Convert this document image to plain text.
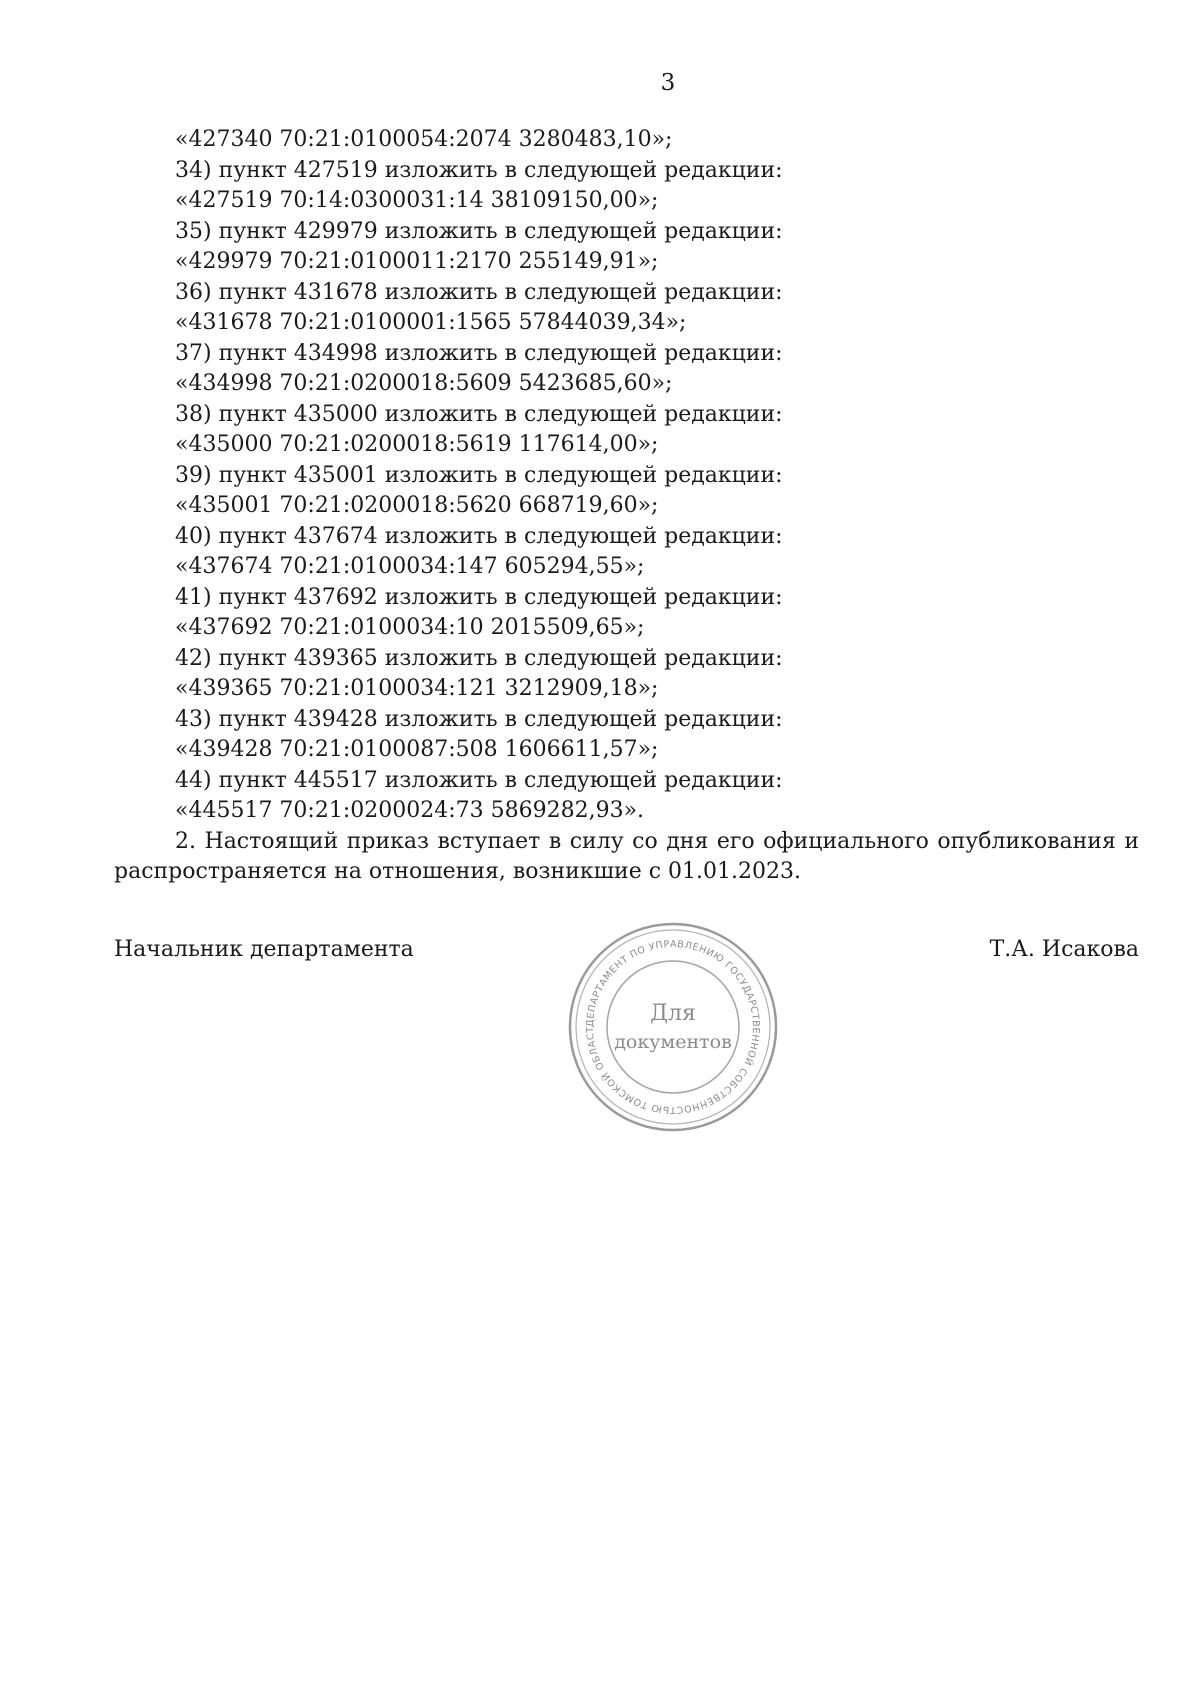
3
«427340 70:21:0100054:2074 3280483,10»;
34) пункт 427519 изложить в следующей редакции:
«427519 70:14:0300031:14 38109150,00»;
35) пункт 429979 изложить в следующей редакции:
«429979 70:21:0100011:2170 255149,91»;
36) пункт 431678 изложить в следующей редакции:
«431678 70:21:0100001:1565 57844039,34»;
37) пункт 434998 изложить в следующей редакции:
«434998 70:21:0200018:5609 5423685,60»;
38) пункт 435000 изложить в следующей редакции:
«435000 70:21:0200018:5619 117614,00»;
39) пункт 435001 изложить в следующей редакции:
«435001 70:21:0200018:5620 668719,60»;
40) пункт 437674 изложить в следующей редакции:
«437674 70:21:0100034:147 605294,55»;
41) пункт 437692 изложить в следующей редакции:
«437692 70:21:0100034:10 2015509,65»;
42) пункт 439365 изложить в следующей редакции:
«439365 70:21:0100034:121 3212909,18»;
43) пункт 439428 изложить в следующей редакции:
«439428 70:21:0100087:508 1606611,57»;
44) пункт 445517 изложить в следующей редакции:
«445517 70:21:0200024:73 5869282,93».
2. Настоящий приказ вступает в силу со дня его официального опубликования и
распространяется на отношения, возникшие с 01.01.2023.
Начальник департамента	Т.А. Исакова
ДЕПАРТАМЕНТ ПО УПРАВЛЕНИЮ ГОСУДАРСТВЕННОЙ СОБСТВЕННОСТЬЮ ТОМСКОЙ ОБЛАСТ
Для
документов
